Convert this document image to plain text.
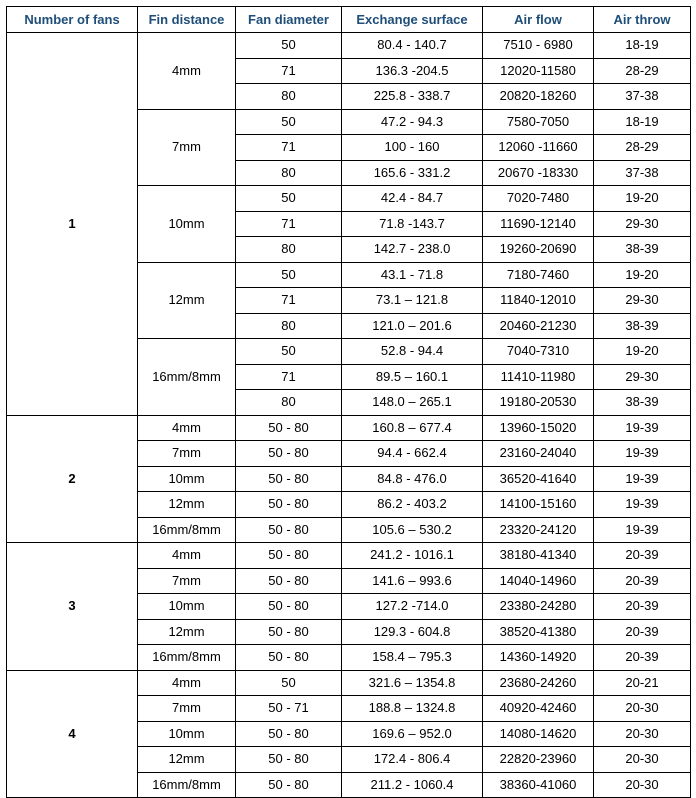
Number of fans	Fin distance	Fan diameter	Exchange surface	Air flow	Air throw
1	4mm	50	80.4 - 140.7	7510 - 6980	18-19
		71	136.3 -204.5	12020-11580	28-29
		80	225.8 - 338.7	20820-18260	37-38
	7mm	50	47.2 - 94.3	7580-7050	18-19
		71	100 - 160	12060 -11660	28-29
		80	165.6 - 331.2	20670 -18330	37-38
	10mm	50	42.4 - 84.7	7020-7480	19-20
		71	71.8 -143.7	11690-12140	29-30
		80	142.7 - 238.0	19260-20690	38-39
	12mm	50	43.1 - 71.8	7180-7460	19-20
		71	73.1 – 121.8	11840-12010	29-30
		80	121.0 – 201.6	20460-21230	38-39
	16mm/8mm	50	52.8 - 94.4	7040-7310	19-20
		71	89.5 – 160.1	11410-11980	29-30
		80	148.0 – 265.1	19180-20530	38-39
2	4mm	50 - 80	160.8 – 677.4	13960-15020	19-39
	7mm	50 - 80	94.4 - 662.4	23160-24040	19-39
	10mm	50 - 80	84.8 - 476.0	36520-41640	19-39
	12mm	50 - 80	86.2 - 403.2	14100-15160	19-39
	16mm/8mm	50 - 80	105.6 – 530.2	23320-24120	19-39
3	4mm	50 - 80	241.2 - 1016.1	38180-41340	20-39
	7mm	50 - 80	141.6 – 993.6	14040-14960	20-39
	10mm	50 - 80	127.2 -714.0	23380-24280	20-39
	12mm	50 - 80	129.3 - 604.8	38520-41380	20-39
	16mm/8mm	50 - 80	158.4 – 795.3	14360-14920	20-39
4	4mm	50	321.6 – 1354.8	23680-24260	20-21
	7mm	50 - 71	188.8 – 1324.8	40920-42460	20-30
	10mm	50 - 80	169.6 – 952.0	14080-14620	20-30
	12mm	50 - 80	172.4 - 806.4	22820-23960	20-30
	16mm/8mm	50 - 80	211.2 - 1060.4	38360-41060	20-30
